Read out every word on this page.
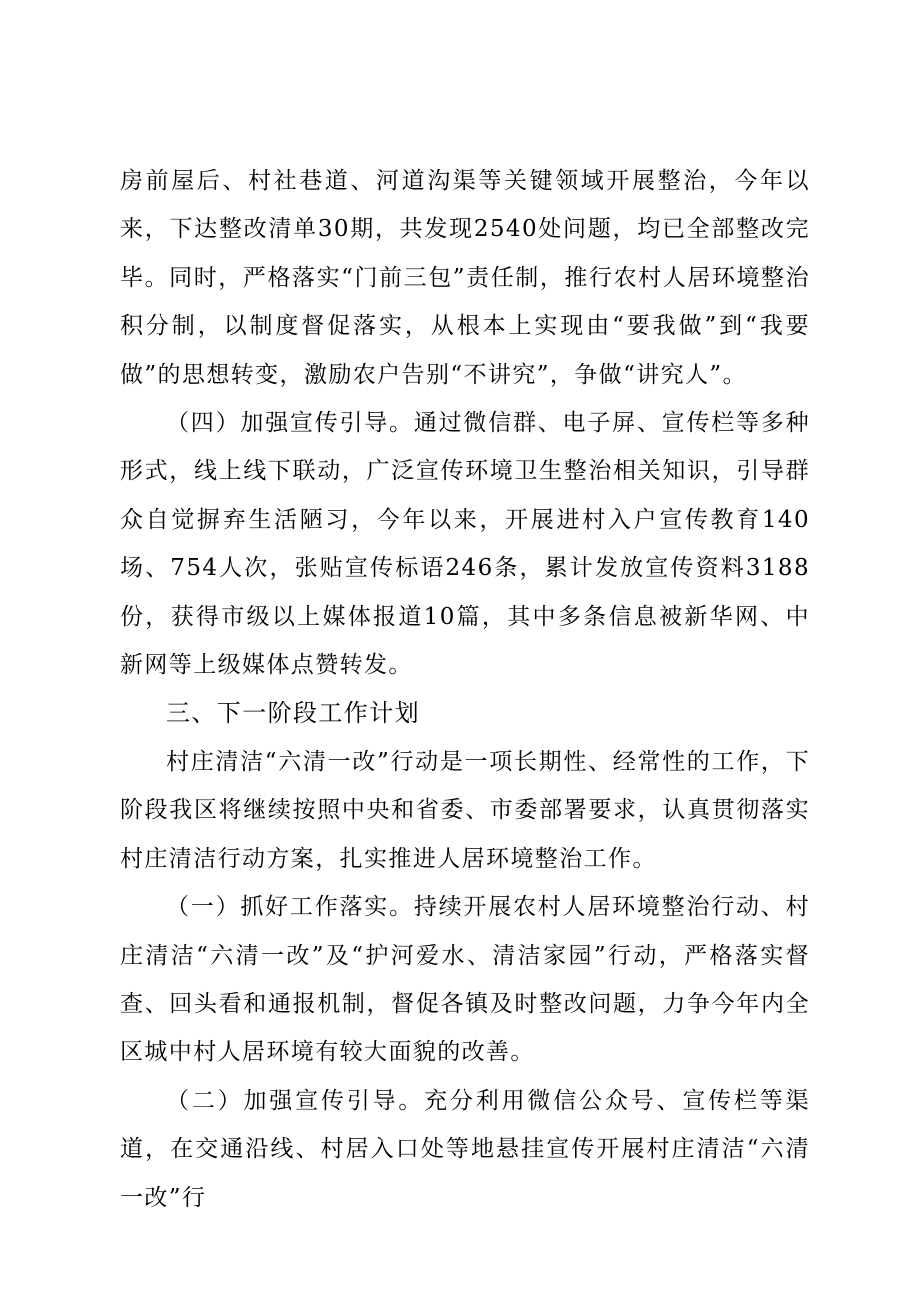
房前屋后、村社巷道、河道沟渠等关键领域开展整治，今年以来，下达整改清单30期，共发现2540处问题，均已全部整改完毕。同时，严格落实“门前三包”责任制，推行农村人居环境整治积分制，以制度督促落实，从根本上实现由“要我做”到“我要做”的思想转变，激励农户告别“不讲究”，争做“讲究人”。

（四）加强宣传引导。通过微信群、电子屏、宣传栏等多种形式，线上线下联动，广泛宣传环境卫生整治相关知识，引导群众自觉摒弃生活陋习，今年以来，开展进村入户宣传教育140场、754人次，张贴宣传标语246条，累计发放宣传资料3188份，获得市级以上媒体报道10篇，其中多条信息被新华网、中新网等上级媒体点赞转发。

三、下一阶段工作计划

村庄清洁“六清一改”行动是一项长期性、经常性的工作，下阶段我区将继续按照中央和省委、市委部署要求，认真贯彻落实村庄清洁行动方案，扎实推进人居环境整治工作。

（一）抓好工作落实。持续开展农村人居环境整治行动、村庄清洁“六清一改”及“护河爱水、清洁家园”行动，严格落实督查、回头看和通报机制，督促各镇及时整改问题，力争今年内全区城中村人居环境有较大面貌的改善。

（二）加强宣传引导。充分利用微信公众号、宣传栏等渠道，在交通沿线、村居入口处等地悬挂宣传开展村庄清洁“六清一改”行
